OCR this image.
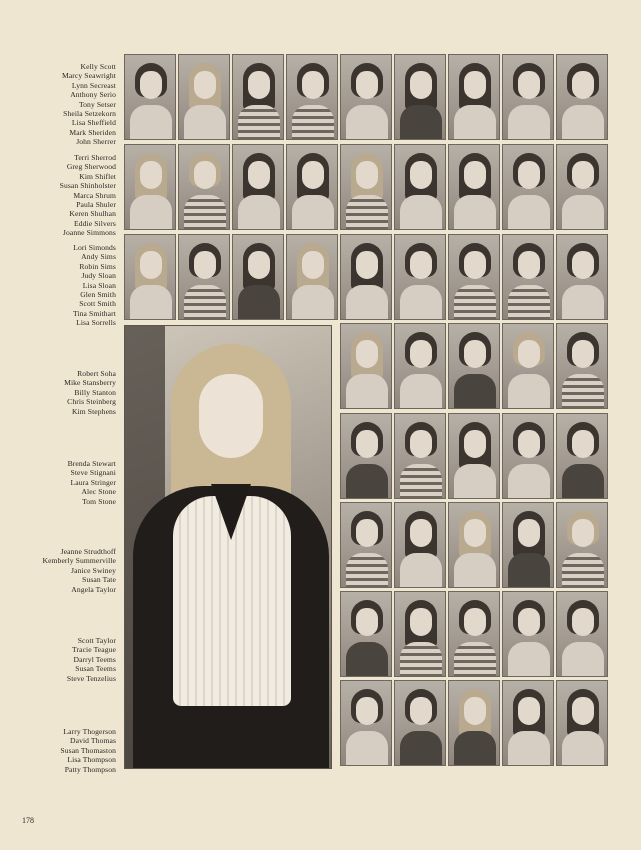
Kelly Scott
Marcy Seawright
Lynn Secreast
Anthony Serio
Tony Setser
Sheila Setzekorn
Lisa Sheffield
Mark Sheriden
John Sherrer
Terri Sherrod
Greg Sherwood
Kim Shiflet
Susan Shinholster
Marca Shrum
Paula Shuler
Keren Shulhan
Eddie Silvers
Joanne Simmons
Lori Simonds
Andy Sims
Robin Sims
Judy Sloan
Lisa Sloan
Glen Smith
Scott Smith
Tina Smithart
Lisa Sorrells
Robert Soha
Mike Stansberry
Billy Stanton
Chris Steinberg
Kim Stephens
Brenda Stewart
Steve Stignani
Laura Stringer
Alec Stone
Tom Stone
Jeanne Strudthoff
Kemberly Summerville
Janice Swiney
Susan Tate
Angela Taylor
Scott Taylor
Tracie Teague
Darryl Teems
Susan Teems
Steve Tenzelius
Larry Thogerson
David Thomas
Susan Thomaston
Lisa Thompson
Patty Thompson
178
